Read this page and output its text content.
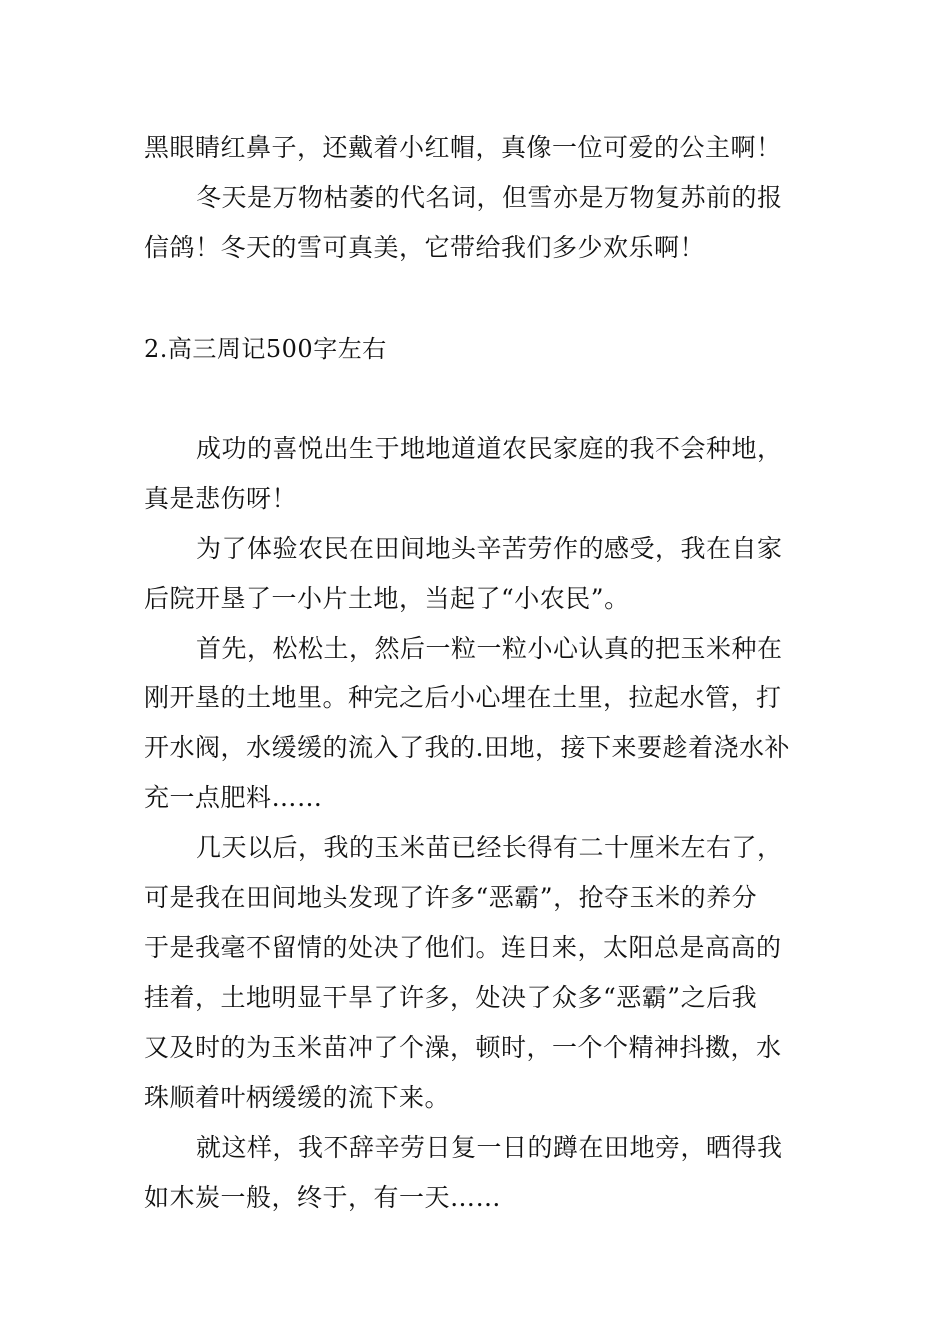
黑眼睛红鼻子，还戴着小红帽，真像一位可爱的公主啊！
冬天是万物枯萎的代名词，但雪亦是万物复苏前的报
信鸽！冬天的雪可真美，它带给我们多少欢乐啊！
2.高三周记500字左右
成功的喜悦出生于地地道道农民家庭的我不会种地，
真是悲伤呀！
为了体验农民在田间地头辛苦劳作的感受，我在自家
后院开垦了一小片土地，当起了“小农民”。
首先，松松土，然后一粒一粒小心认真的把玉米种在
刚开垦的土地里。种完之后小心埋在土里，拉起水管，打
开水阀，水缓缓的流入了我的.田地，接下来要趁着浇水补
充一点肥料……
几天以后，我的玉米苗已经长得有二十厘米左右了，
可是我在田间地头发现了许多“恶霸”，抢夺玉米的养分
于是我毫不留情的处决了他们。连日来，太阳总是高高的
挂着，土地明显干旱了许多，处决了众多“恶霸”之后我
又及时的为玉米苗冲了个澡，顿时，一个个精神抖擞，水
珠顺着叶柄缓缓的流下来。
就这样，我不辞辛劳日复一日的蹲在田地旁，晒得我
如木炭一般，终于，有一天……
